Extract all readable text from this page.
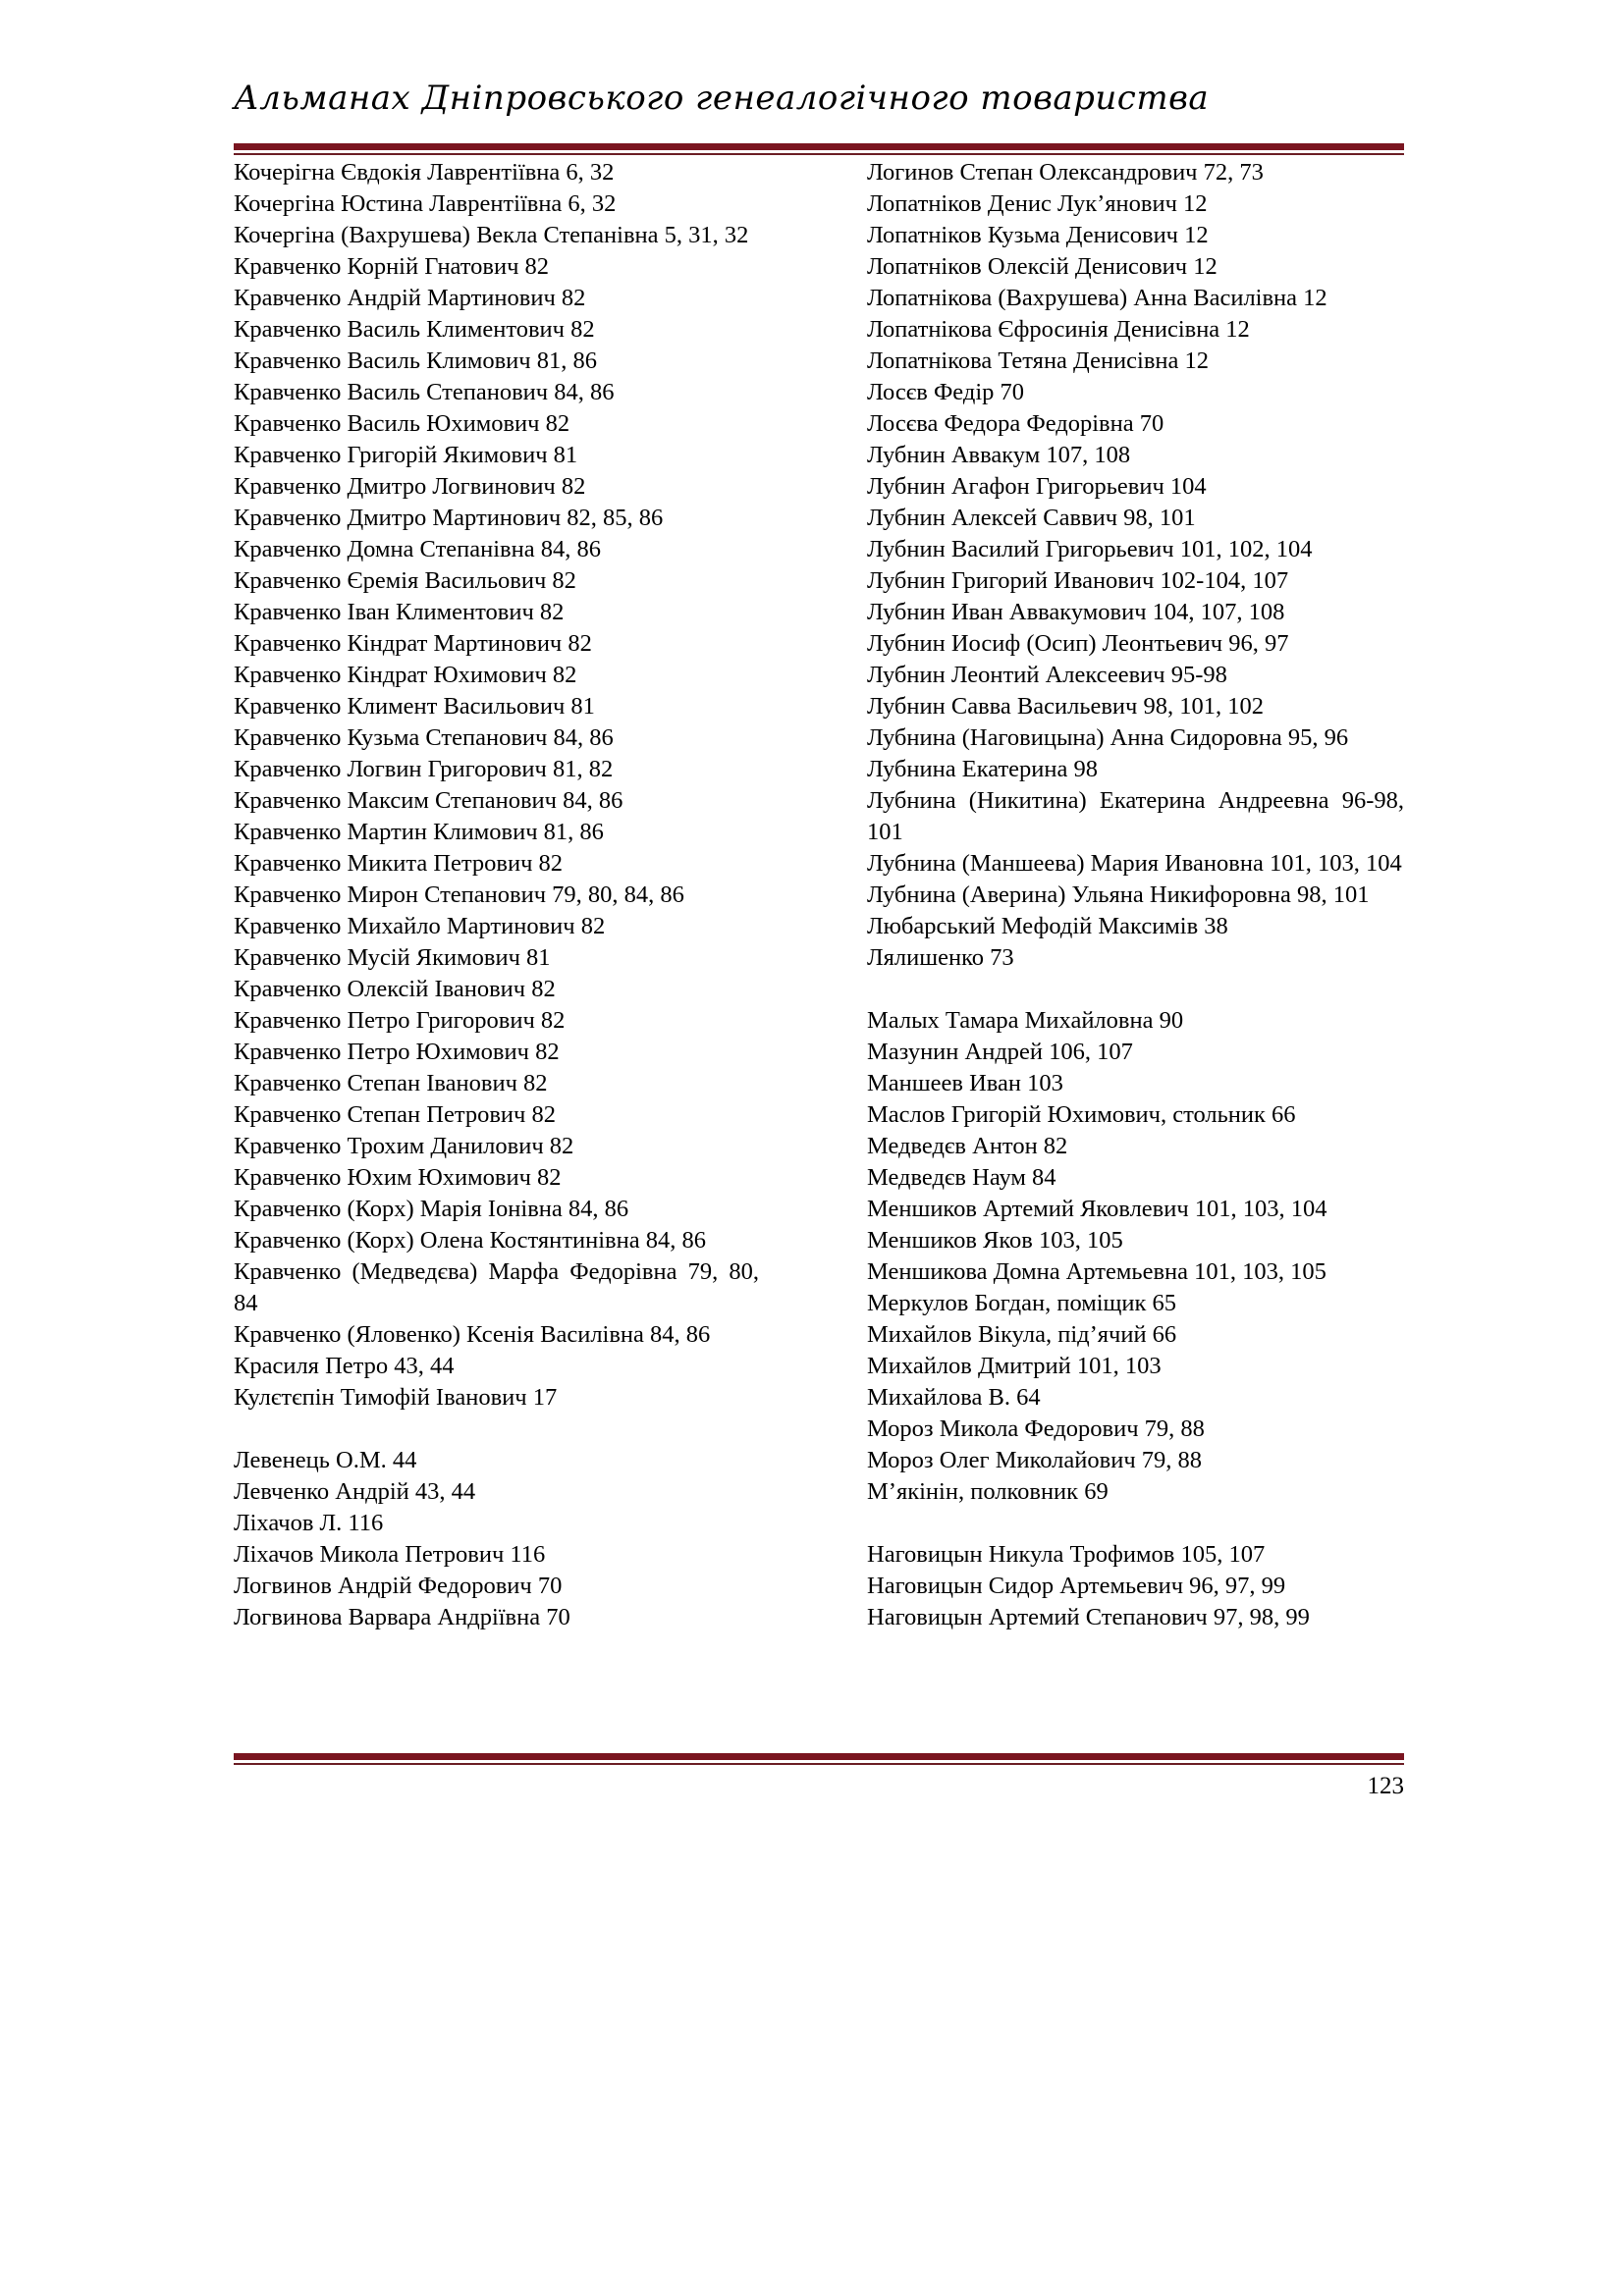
Альманах Дніпровського генеалогічного товариства
Кочерігна Євдокія Лаврентіївна 6, 32
Кочергіна Юстина Лаврентіївна 6, 32
Кочергіна (Вахрушева) Векла Степанівна 5, 31, 32
Кравченко Корній Гнатович 82
Кравченко Андрій Мартинович 82
Кравченко Василь Климентович 82
Кравченко Василь Климович 81, 86
Кравченко Василь Степанович 84, 86
Кравченко Василь Юхимович 82
Кравченко Григорій Якимович 81
Кравченко Дмитро Логвинович 82
Кравченко Дмитро Мартинович 82, 85, 86
Кравченко Домна Степанівна 84, 86
Кравченко Єремія Васильович 82
Кравченко Іван Климентович 82
Кравченко Кіндрат Мартинович 82
Кравченко Кіндрат Юхимович 82
Кравченко Климент Васильович 81
Кравченко Кузьма Степанович 84, 86
Кравченко Логвин Григорович 81, 82
Кравченко Максим Степанович 84, 86
Кравченко Мартин Климович 81, 86
Кравченко Микита Петрович 82
Кравченко Мирон Степанович 79, 80, 84, 86
Кравченко Михайло Мартинович 82
Кравченко Мусій Якимович 81
Кравченко Олексій Іванович 82
Кравченко Петро Григорович 82
Кравченко Петро Юхимович 82
Кравченко Степан Іванович 82
Кравченко Степан Петрович 82
Кравченко Трохим Данилович 82
Кравченко Юхим Юхимович 82
Кравченко (Корх) Марія Іонівна 84, 86
Кравченко (Корх) Олена Костянтинівна 84, 86
Кравченко (Медведєва) Марфа Федорівна 79, 80, 84
Кравченко (Яловенко) Ксенія Василівна 84, 86
Красиля Петро 43, 44
Кулєтєпін Тимофій Іванович 17
Левенець О.М. 44
Левченко Андрій 43, 44
Ліхачов Л. 116
Ліхачов Микола Петрович 116
Логвинов Андрій Федорович 70
Логвинова Варвара Андріївна 70
Логинов Степан Олександрович 72, 73
Лопатніков Денис Лук’янович 12
Лопатніков Кузьма Денисович 12
Лопатніков Олексій Денисович 12
Лопатнікова (Вахрушева) Анна Василівна 12
Лопатнікова Єфросинія Денисівна 12
Лопатнікова Тетяна Денисівна 12
Лосєв Федір 70
Лосєва Федора Федорівна 70
Лубнин Аввакум 107, 108
Лубнин Агафон Григорьевич 104
Лубнин Алексей Саввич 98, 101
Лубнин Василий Григорьевич 101, 102, 104
Лубнин Григорий Иванович 102-104, 107
Лубнин Иван Аввакумович 104, 107, 108
Лубнин Иосиф (Осип) Леонтьевич 96, 97
Лубнин Леонтий Алексеевич 95-98
Лубнин Савва Васильевич 98, 101, 102
Лубнина (Наговицына) Анна Сидоровна 95, 96
Лубнина Екатерина 98
Лубнина (Никитина) Екатерина Андреевна 96-98, 101
Лубнина (Маншеева) Мария Ивановна 101, 103, 104
Лубнина (Аверина) Ульяна Никифоровна 98, 101
Любарський Мефодій Максимів 38
Лялишенко 73
Малых Тамара Михайловна 90
Мазунин Андрей 106, 107
Маншеев Иван 103
Маслов Григорій Юхимович, стольник 66
Медведєв Антон 82
Медведєв Наум 84
Меншиков Артемий Яковлевич 101, 103, 104
Меншиков Яков 103, 105
Меншикова Домна Артемьевна 101, 103, 105
Меркулов Богдан, поміщик 65
Михайлов Вікула, під’ячий 66
Михайлов Дмитрий 101, 103
Михайлова В. 64
Мороз Микола Федорович 79, 88
Мороз Олег Миколайович 79, 88
М’якінін, полковник 69
Наговицын Никула Трофимов 105, 107
Наговицын Сидор Артемьевич 96, 97, 99
Наговицын Артемий Степанович 97, 98, 99
123
